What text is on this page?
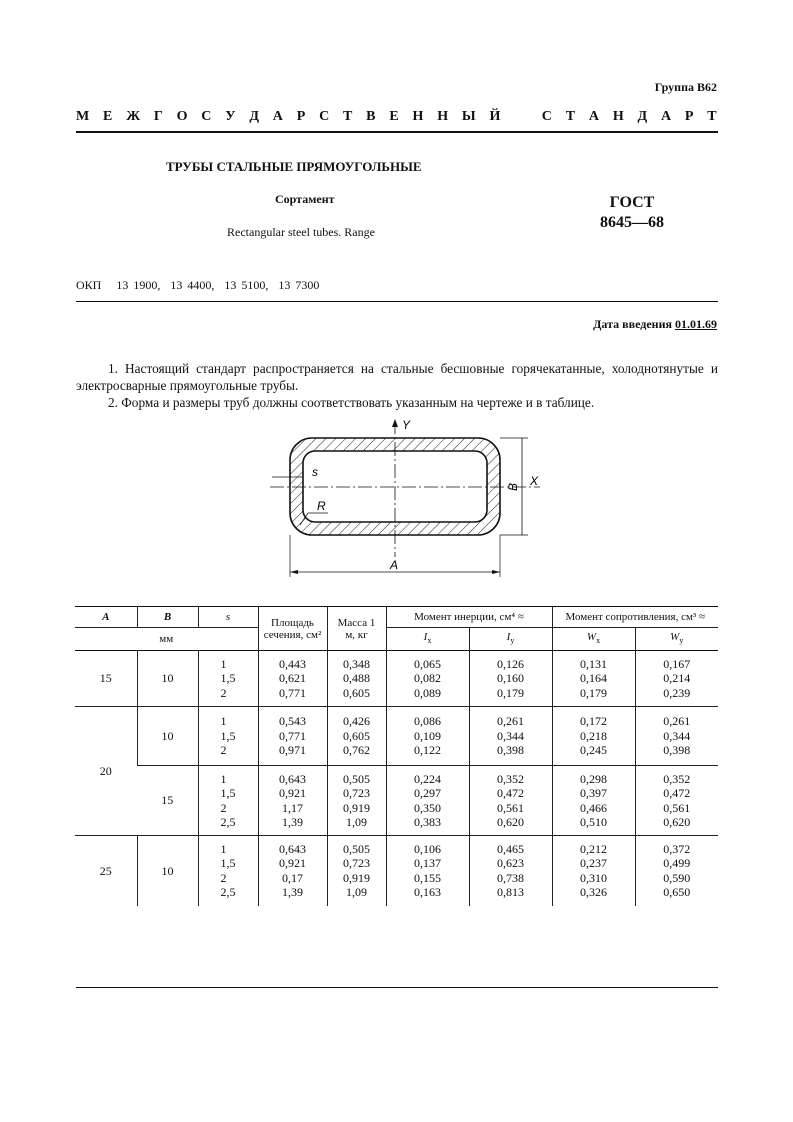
Группа В62
М Е Ж Г О С У Д А Р С Т В Е Н Н Ы Й	С Т А Н Д А Р Т
ТРУБЫ СТАЛЬНЫЕ ПРЯМОУГОЛЬНЫЕ
Сортамент
Rectangular steel tubes. Range
ГОСТ
8645—68
ОКП   13 1900,  13 4400,  13 5100,  13 7300
Дата введения 01.01.69
1. Настоящий стандарт распространяется на стальные бесшовные горячекатанные, холоднотянутые и электросварные прямоугольные трубы.
2. Форма и размеры труб должны соответствовать указанным на чертеже и в таблице.
Y
X
B
A
s
R
A	B	s	Площадь сечения, см²	Масса 1 м, кг	Момент инерции, см⁴ ≈		Момент сопротивления, см³ ≈	
мм					$I_x$	$I_y$	$W_x$	$W_y$
15	10	1
1,5
2	0,443
0,621
0,771	0,348
0,488
0,605	0,065
0,082
0,089	0,126
0,160
0,179	0,131
0,164
0,179	0,167
0,214
0,239
20	10	1
1,5
2	0,543
0,771
0,971	0,426
0,605
0,762	0,086
0,109
0,122	0,261
0,344
0,398	0,172
0,218
0,245	0,261
0,344
0,398
	15	1
1,5
2
2,5	0,643
0,921
1,17
1,39	0,505
0,723
0,919
1,09	0,224
0,297
0,350
0,383	0,352
0,472
0,561
0,620	0,298
0,397
0,466
0,510	0,352
0,472
0,561
0,620
25	10	1
1,5
2
2,5	0,643
0,921
0,17
1,39	0,505
0,723
0,919
1,09	0,106
0,137
0,155
0,163	0,465
0,623
0,738
0,813	0,212
0,237
0,310
0,326	0,372
0,499
0,590
0,650
